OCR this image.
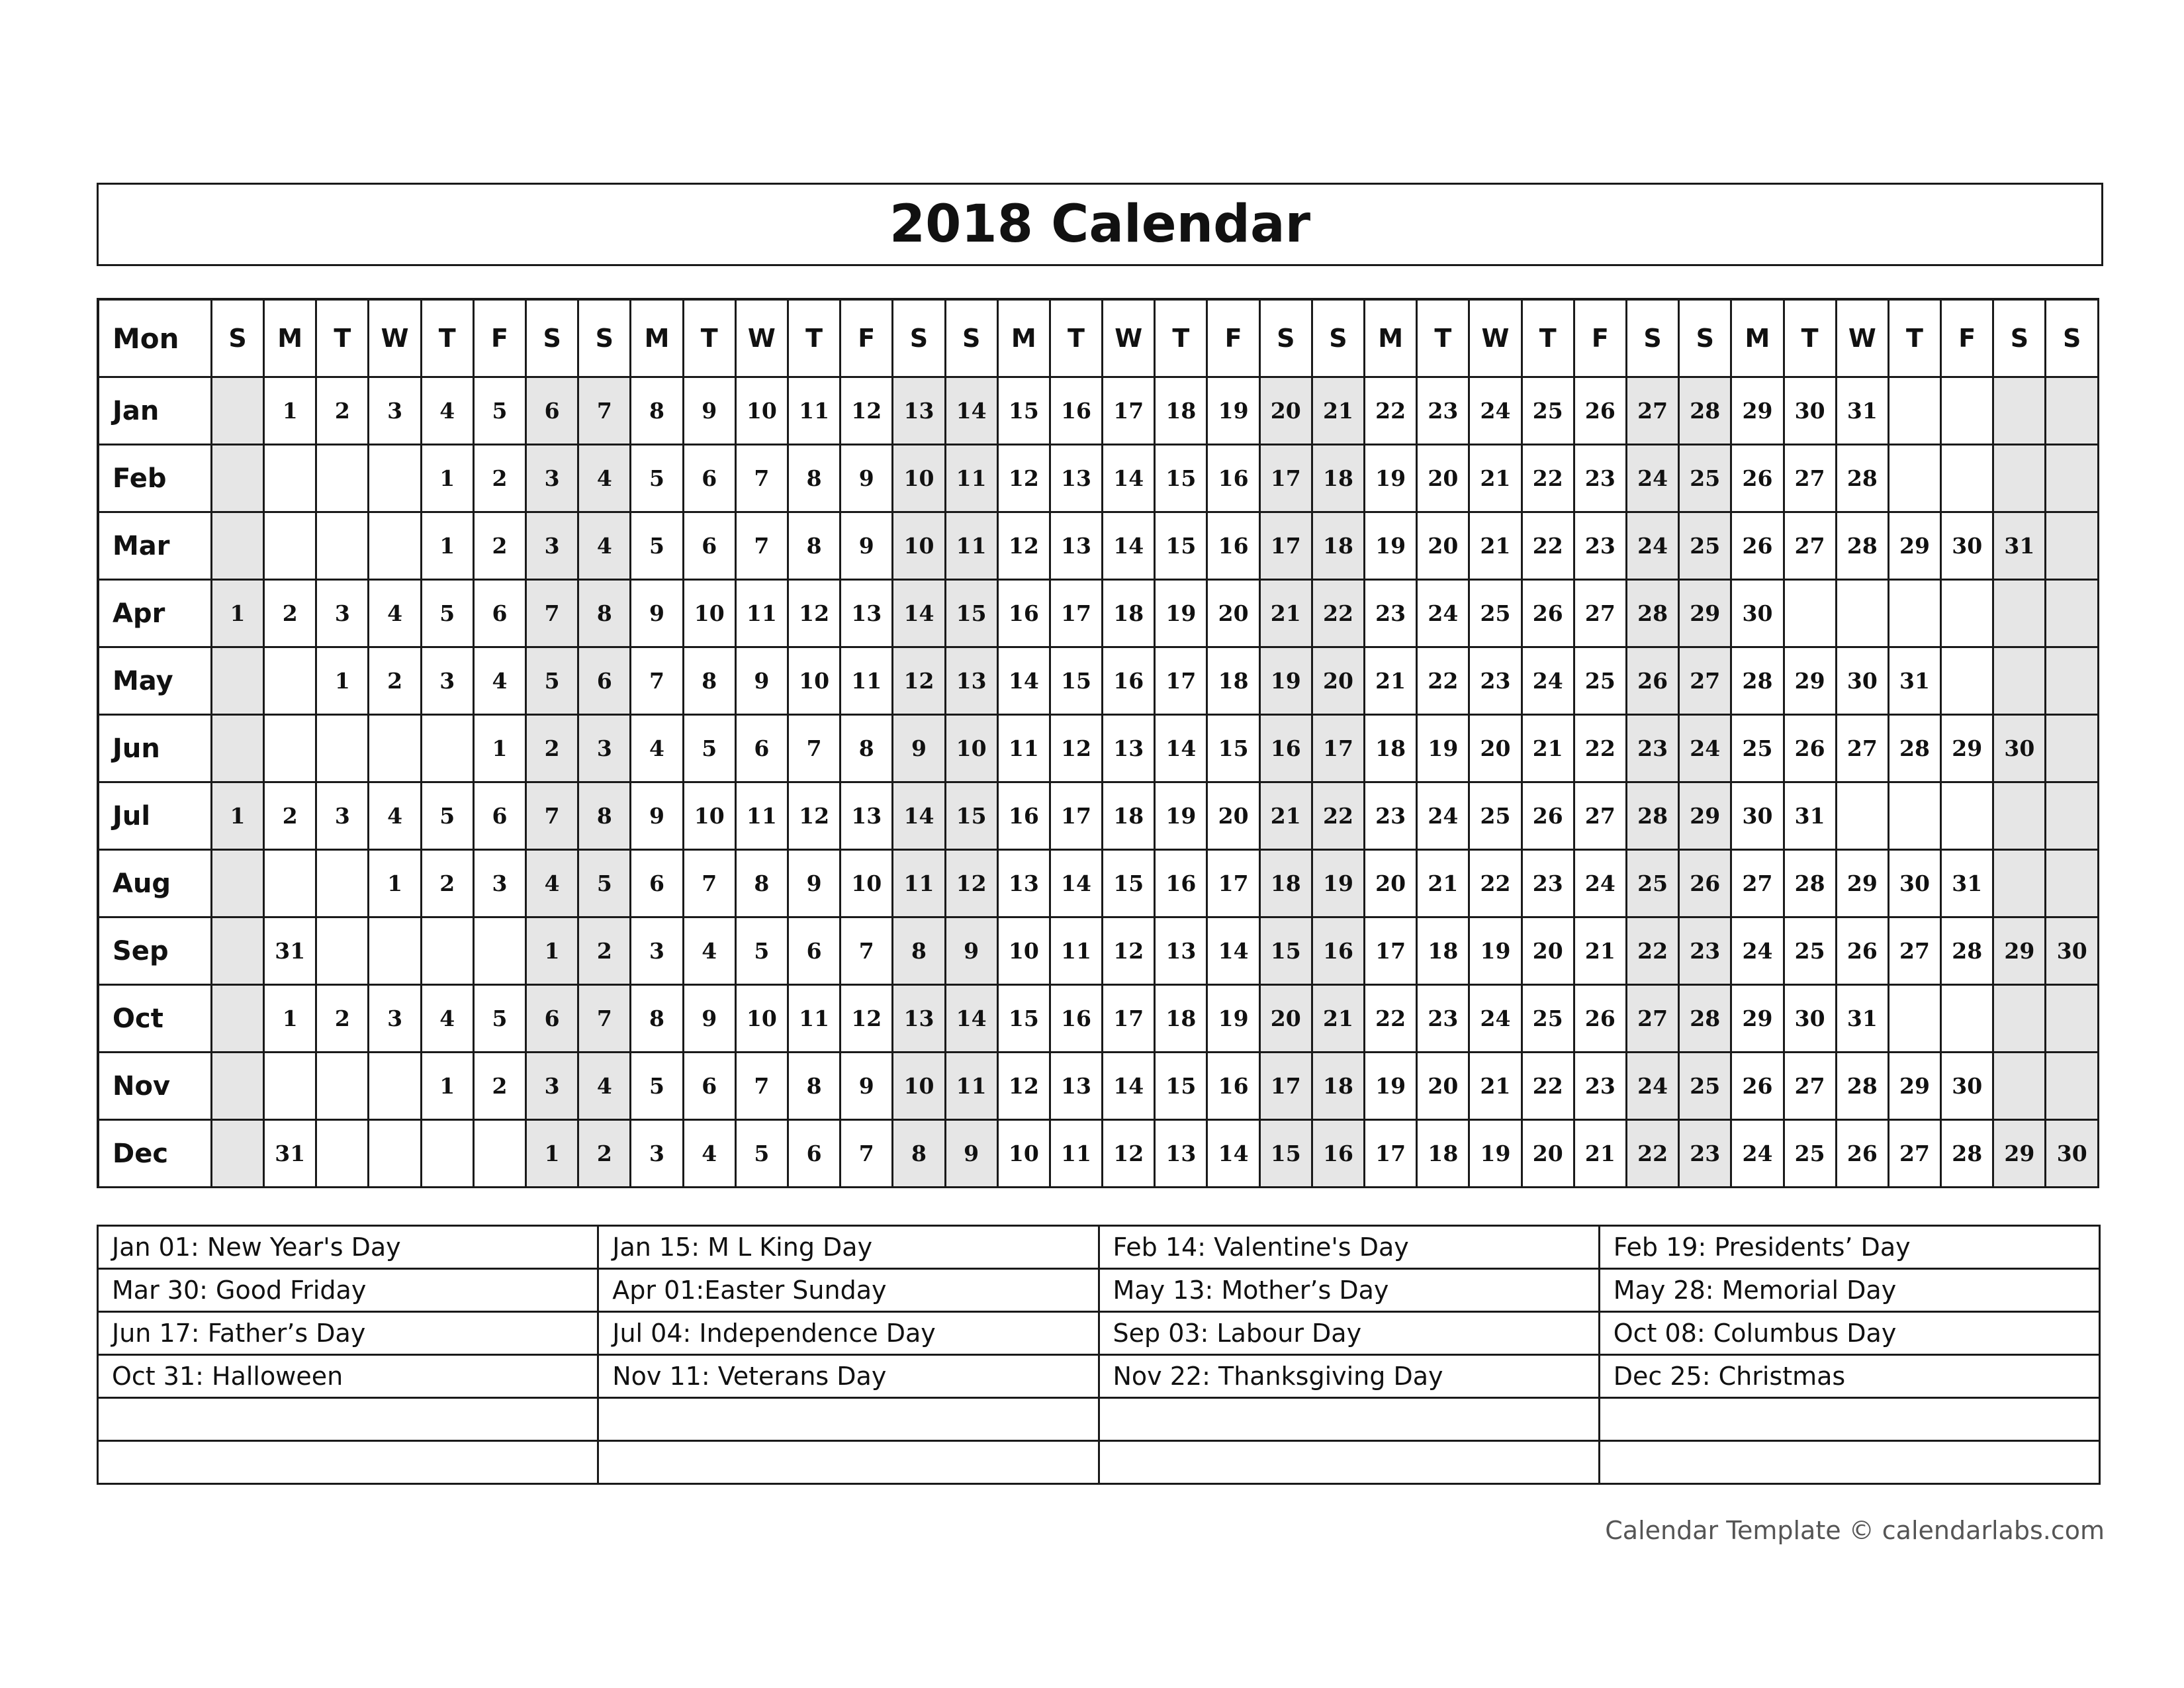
2018 Calendar
Mon	S	M	T	W	T	F	S	S	M	T	W	T	F	S	S	M	T	W	T	F	S	S	M	T	W	T	F	S	S	M	T	W	T	F	S	S
Jan		1	2	3	4	5	6	7	8	9	10	11	12	13	14	15	16	17	18	19	20	21	22	23	24	25	26	27	28	29	30	31				
Feb					1	2	3	4	5	6	7	8	9	10	11	12	13	14	15	16	17	18	19	20	21	22	23	24	25	26	27	28				
Mar					1	2	3	4	5	6	7	8	9	10	11	12	13	14	15	16	17	18	19	20	21	22	23	24	25	26	27	28	29	30	31	
Apr	1	2	3	4	5	6	7	8	9	10	11	12	13	14	15	16	17	18	19	20	21	22	23	24	25	26	27	28	29	30						
May			1	2	3	4	5	6	7	8	9	10	11	12	13	14	15	16	17	18	19	20	21	22	23	24	25	26	27	28	29	30	31			
Jun						1	2	3	4	5	6	7	8	9	10	11	12	13	14	15	16	17	18	19	20	21	22	23	24	25	26	27	28	29	30	
Jul	1	2	3	4	5	6	7	8	9	10	11	12	13	14	15	16	17	18	19	20	21	22	23	24	25	26	27	28	29	30	31					
Aug				1	2	3	4	5	6	7	8	9	10	11	12	13	14	15	16	17	18	19	20	21	22	23	24	25	26	27	28	29	30	31		
Sep		31					1	2	3	4	5	6	7	8	9	10	11	12	13	14	15	16	17	18	19	20	21	22	23	24	25	26	27	28	29	30
Oct		1	2	3	4	5	6	7	8	9	10	11	12	13	14	15	16	17	18	19	20	21	22	23	24	25	26	27	28	29	30	31				
Nov					1	2	3	4	5	6	7	8	9	10	11	12	13	14	15	16	17	18	19	20	21	22	23	24	25	26	27	28	29	30		
Dec		31					1	2	3	4	5	6	7	8	9	10	11	12	13	14	15	16	17	18	19	20	21	22	23	24	25	26	27	28	29	30
Jan 01: New Year's Day	Jan 15: M L King Day	Feb 14: Valentine's Day	Feb 19: Presidents’ Day
Mar 30: Good Friday	Apr 01:Easter Sunday	May 13: Mother’s Day	May 28: Memorial Day
Jun 17: Father’s Day	Jul 04: Independence Day	Sep 03: Labour Day	Oct 08: Columbus Day
Oct 31: Halloween	Nov 11: Veterans Day	Nov 22: Thanksgiving Day	Dec 25: Christmas

Calendar Template © calendarlabs.com
